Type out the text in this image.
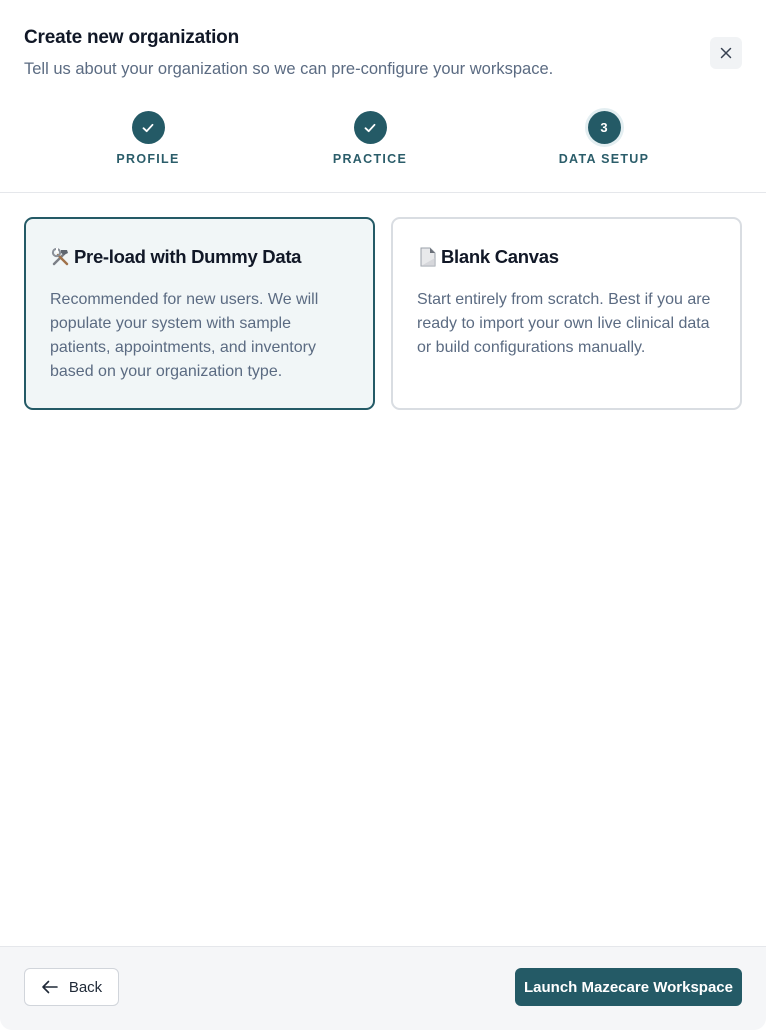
Create new organization
Tell us about your organization so we can pre-configure your workspace.
PROFILE	PRACTICE
3
DATA SETUP
Pre-load with Dummy Data
Recommended for new users. We will populate your system with sample patients, appointments, and inventory based on your organization type.
Blank Canvas
Start entirely from scratch. Best if you are ready to import your own live clinical data or build configurations manually.
Back	Launch Mazecare Workspace
